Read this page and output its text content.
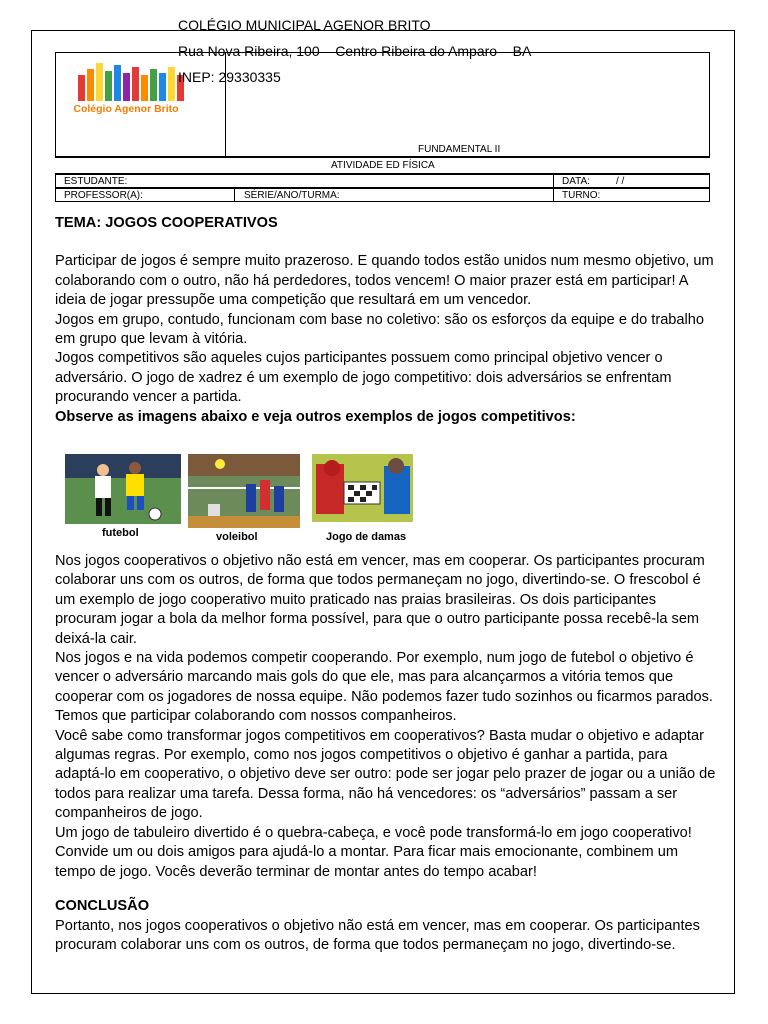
Colégio Agenor Brito
COLÉGIO MUNICIPAL AGENOR BRITO
Rua Nova Ribeira, 100 – Centro Ribeira do Amparo – BA
INEP: 29330335
FUNDAMENTAL II
ATIVIDADE ED FÍSICA
ESTUDANTE:	DATA:	/ /
PROFESSOR(A):	SÉRIE/ANO/TURMA:	TURNO:

TEMA: JOGOS COOPERATIVOS

Participar de jogos é sempre muito prazeroso. E quando todos estão unidos num mesmo objetivo, um colaborando com o outro, não há perdedores, todos vencem! O maior prazer está em participar! A ideia de jogar pressupõe uma competição que resultará em um vencedor.

Jogos em grupo, contudo, funcionam com base no coletivo: são os esforços da equipe e do trabalho em grupo que levam à vitória.

Jogos competitivos são aqueles cujos participantes possuem como principal objetivo vencer o adversário. O jogo de xadrez é um exemplo de jogo competitivo: dois adversários se enfrentam procurando vencer a partida.

Observe as imagens abaixo e veja outros exemplos de jogos competitivos:

futebol	voleibol	Jogo de damas

Nos jogos cooperativos o objetivo não está em vencer, mas em cooperar. Os participantes procuram colaborar uns com os outros, de forma que todos permaneçam no jogo, divertindo-se. O frescobol é um exemplo de jogo cooperativo muito praticado nas praias brasileiras. Os dois participantes procuram jogar a bola da melhor forma possível, para que o outro participante possa recebê-la sem deixá-la cair.

Nos jogos e na vida podemos competir cooperando. Por exemplo, num jogo de futebol o objetivo é vencer o adversário marcando mais gols do que ele, mas para alcançarmos a vitória temos que cooperar com os jogadores de nossa equipe. Não podemos fazer tudo sozinhos ou ficarmos parados. Temos que participar colaborando com nossos companheiros.

Você sabe como transformar jogos competitivos em cooperativos? Basta mudar o objetivo e adaptar algumas regras. Por exemplo, como nos jogos competitivos o objetivo é ganhar a partida, para adaptá-lo em cooperativo, o objetivo deve ser outro: pode ser jogar pelo prazer de jogar ou a união de todos para realizar uma tarefa. Dessa forma, não há vencedores: os “adversários” passam a ser companheiros de jogo.

Um jogo de tabuleiro divertido é o quebra-cabeça, e você pode transformá-lo em jogo cooperativo! Convide um ou dois amigos para ajudá-lo a montar. Para ficar mais emocionante, combinem um tempo de jogo. Vocês deverão terminar de montar antes do tempo acabar!

CONCLUSÃO
Portanto, nos jogos cooperativos o objetivo não está em vencer, mas em cooperar. Os participantes procuram colaborar uns com os outros, de forma que todos permaneçam no jogo, divertindo-se.
